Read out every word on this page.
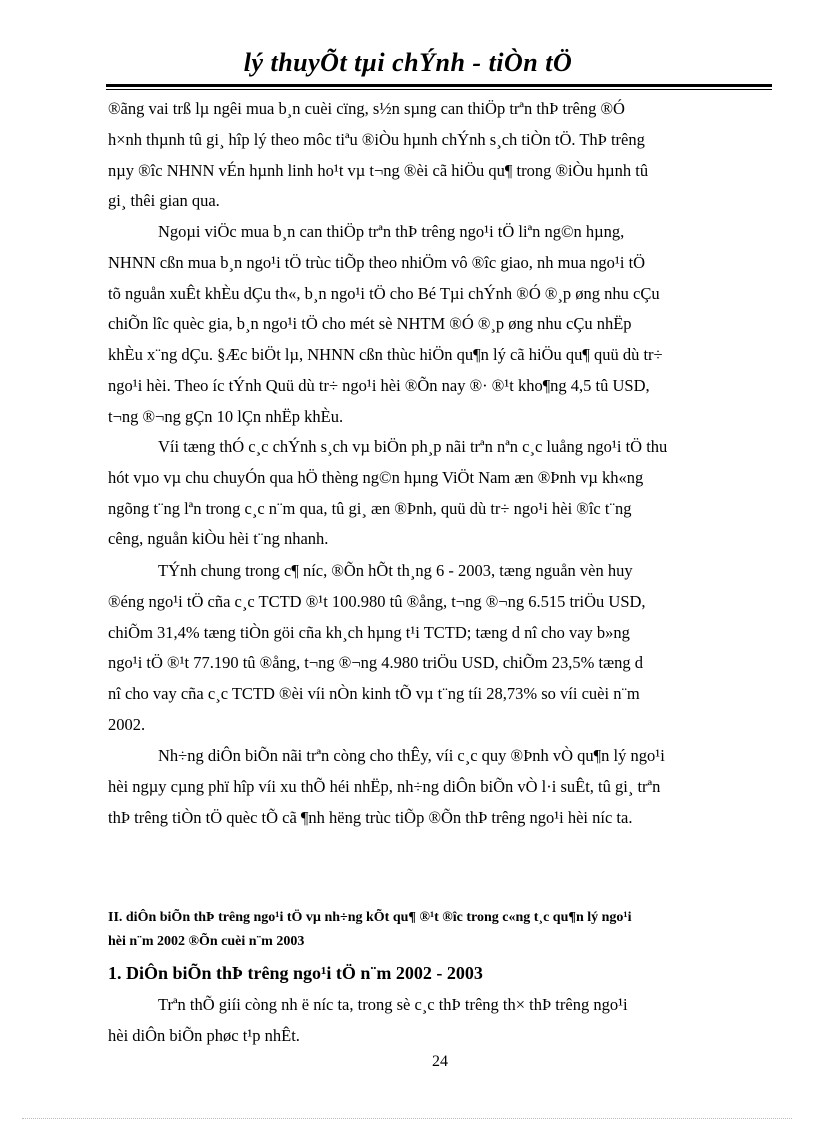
lý thuyÕt tµi chÝnh - tiÒn tÖ

®ãng vai trß lµ ngêi mua b¸n cuèi cïng, s½n sµng can thiÖp trªn thÞ trêng ®Ó
h×nh thµnh tû gi¸ hîp lý theo môc tiªu ®iÒu hµnh chÝnh s¸ch tiÒn tÖ. ThÞ trêng
nµy ®îc NHNN vÉn hµnh linh ho¹t vµ t¬ng ®èi cã hiÖu qu¶ trong ®iÒu hµnh tû
gi¸ thêi gian qua.

Ngoµi viÖc mua b¸n can thiÖp trªn thÞ trêng ngo¹i tÖ liªn ng©n hµng,
NHNN cßn mua b¸n ngo¹i tÖ trùc tiÕp theo nhiÖm vô ®îc giao, nh mua ngo¹i tÖ
tõ nguån xuÊt khÈu dÇu th«, b¸n ngo¹i tÖ cho Bé Tµi chÝnh ®Ó ®¸p øng nhu cÇu
chiÕn lîc quèc gia, b¸n ngo¹i tÖ cho mét sè NHTM ®Ó ®¸p øng nhu cÇu nhËp
khÈu x¨ng dÇu. §Æc biÖt lµ, NHNN cßn thùc hiÖn qu¶n lý cã hiÖu qu¶ quü dù tr÷
ngo¹i hèi. Theo íc tÝnh Quü dù tr÷ ngo¹i hèi ®Õn nay ®· ®¹t kho¶ng 4,5 tû USD,
t¬ng ®¬ng gÇn 10 lÇn nhËp khÈu.

Víi tæng thÓ c¸c chÝnh s¸ch vµ biÖn ph¸p nãi trªn nªn c¸c luång ngo¹i tÖ thu
hót vµo vµ chu chuyÓn qua hÖ thèng ng©n hµng ViÖt Nam æn ®Þnh vµ kh«ng
ngõng t¨ng lªn trong c¸c n¨m qua, tû gi¸ æn ®Þnh, quü dù tr÷ ngo¹i hèi ®îc t¨ng
cêng, nguån kiÒu hèi t¨ng nhanh.

TÝnh chung trong c¶ níc, ®Õn hÕt th¸ng 6 - 2003, tæng nguån vèn huy
®éng ngo¹i tÖ cña c¸c TCTD ®¹t 100.980 tû ®ång, t¬ng ®¬ng 6.515 triÖu USD,
chiÕm 31,4% tæng tiÒn göi cña kh¸ch hµng t¹i TCTD; tæng d nî cho vay b»ng
ngo¹i tÖ ®¹t 77.190 tû ®ång, t¬ng ®¬ng 4.980 triÖu USD, chiÕm 23,5% tæng d
nî cho vay cña c¸c TCTD ®èi víi nÒn kinh tÕ vµ t¨ng tíi 28,73% so víi cuèi n¨m
2002.

Nh÷ng diÔn biÕn nãi trªn còng cho thÊy, víi c¸c quy ®Þnh vÒ qu¶n lý ngo¹i
hèi ngµy cµng phï hîp víi xu thÕ héi nhËp, nh÷ng diÔn biÕn vÒ l·i suÊt, tû gi¸ trªn
thÞ trêng tiÒn tÖ quèc tÕ cã ¶nh hëng trùc tiÕp ®Õn thÞ trêng ngo¹i hèi níc ta.

II. diÔn biÕn thÞ trêng ngo¹i tÖ vµ nh÷ng kÕt qu¶ ®¹t ®îc trong c«ng t¸c qu¶n lý ngo¹i
hèi n¨m 2002 ®Õn cuèi n¨m 2003
1. DiÔn biÕn thÞ trêng ngo¹i tÖ n¨m 2002 - 2003

Trªn thÕ giíi còng nh ë níc ta, trong sè c¸c thÞ trêng th× thÞ trêng ngo¹i
hèi diÔn biÕn phøc t¹p nhÊt.

24
